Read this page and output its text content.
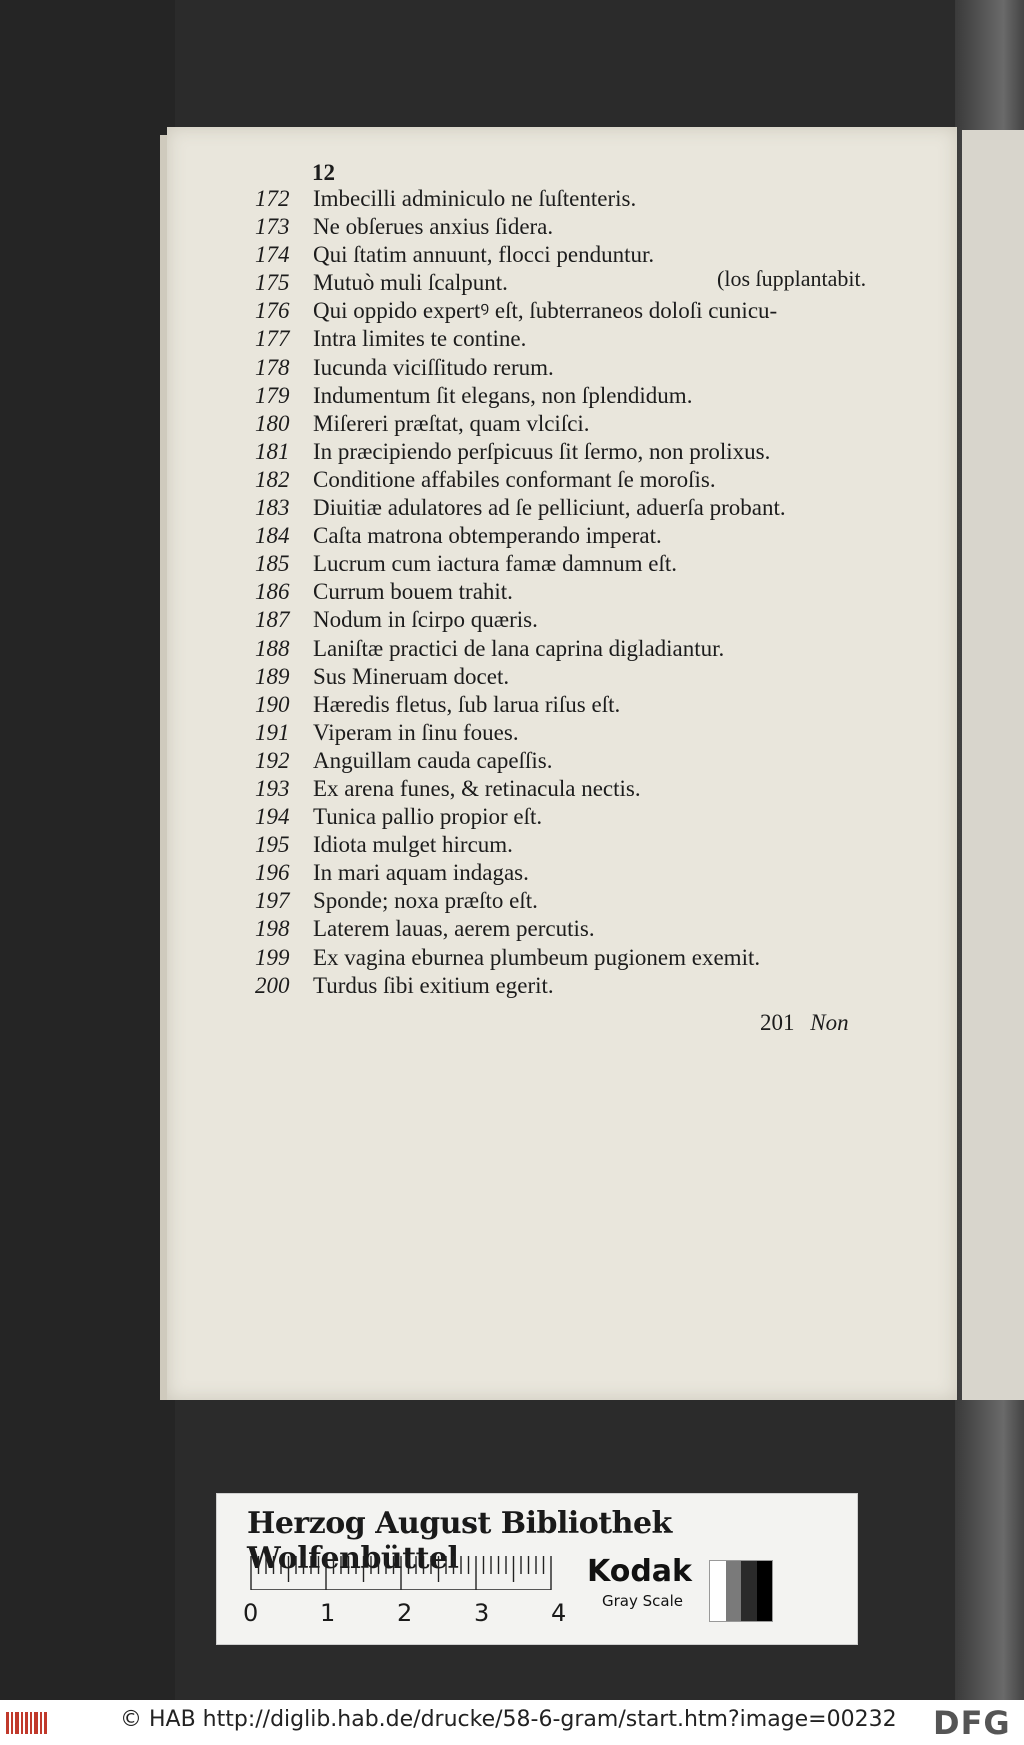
12
172 Imbecilli adminiculo ne ſuſtenteris.
173 Ne obſerues anxius ſidera.
174 Qui ſtatim annuunt, flocci penduntur.
175 Mutuò muli ſcalpunt.	(los ſupplantabit.
176 Qui oppido expertꝰ eſt, ſubterraneos doloſi cunicu-
177 Intra limites te contine.
178 Iucunda viciſſitudo rerum.
179 Indumentum ſit elegans, non ſplendidum.
180 Miſereri præſtat, quam vlciſci.
181 In præcipiendo perſpicuus ſit ſermo, non prolixus.
182 Conditione affabiles conformant ſe moroſis.
183 Diuitiæ adulatores ad ſe pelliciunt, aduerſa probant.
184 Caſta matrona obtemperando imperat.
185 Lucrum cum iactura famæ damnum eſt.
186 Currum bouem trahit.
187 Nodum in ſcirpo quæris.
188 Laniſtæ practici de lana caprina digladiantur.
189 Sus Mineruam docet.
190 Hæredis fletus, ſub larua riſus eſt.
191 Viperam in ſinu foues.
192 Anguillam cauda capeſſis.
193 Ex arena funes, & retinacula nectis.
194 Tunica pallio propior eſt.
195 Idiota mulget hircum.
196 In mari aquam indagas.
197 Sponde; noxa præſto eſt.
198 Laterem lauas, aerem percutis.
199 Ex vagina eburnea plumbeum pugionem exemit.
200 Turdus ſibi exitium egerit.
201 Non
Herzog August Bibliothek Wolfenbüttel
0	1	2	3	4
Kodak
Gray Scale
© HAB http://diglib.hab.de/drucke/58-6-gram/start.htm?image=00232 DFG
